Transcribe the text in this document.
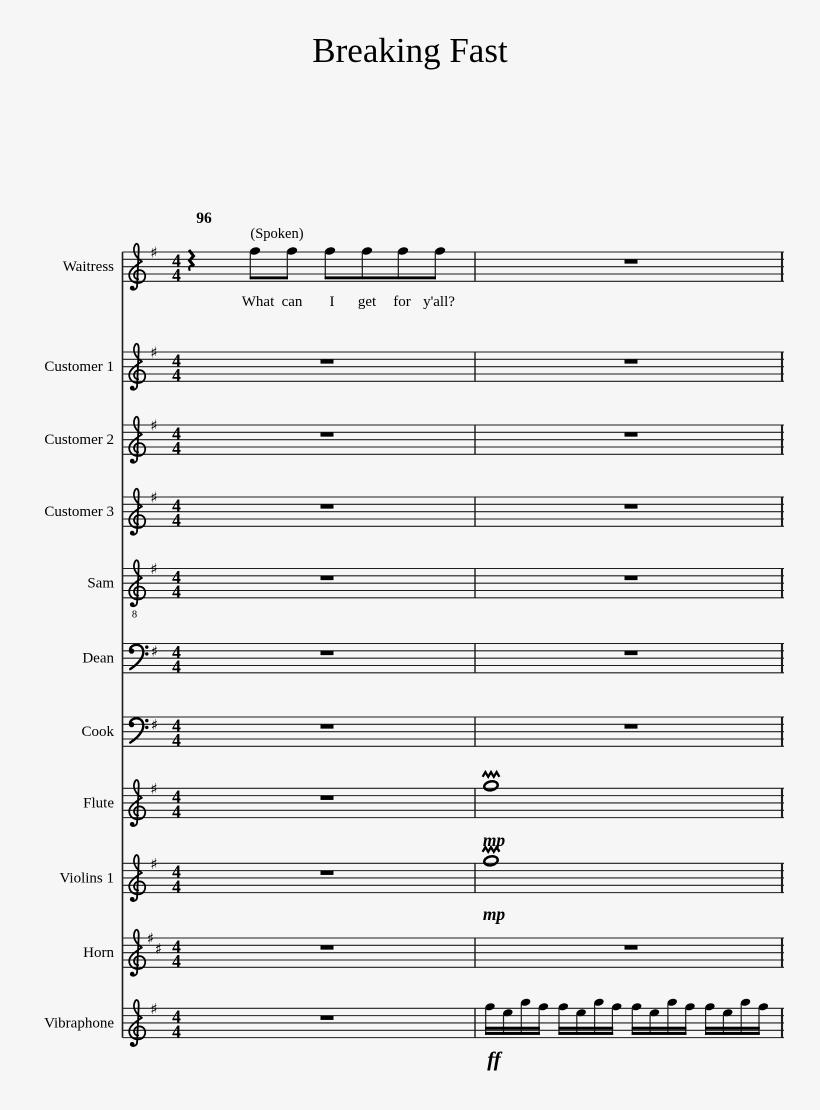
Breaking Fast
Waitress
♯ 4
4
Customer 1
♯ 4
4
Customer 2
♯ 4
4
Customer 3
♯ 4
4
Sam
8
♯ 4
4
Dean ♯ 4
4
Cook ♯ 4
4
Flute
♯ 4
4
Violins 1
♯ 4
4
Horn
♯
♯ 4
4
Vibraphone
♯ 4
4
What can I get for y'all?
96
(Spoken)
mp
mp
ff
